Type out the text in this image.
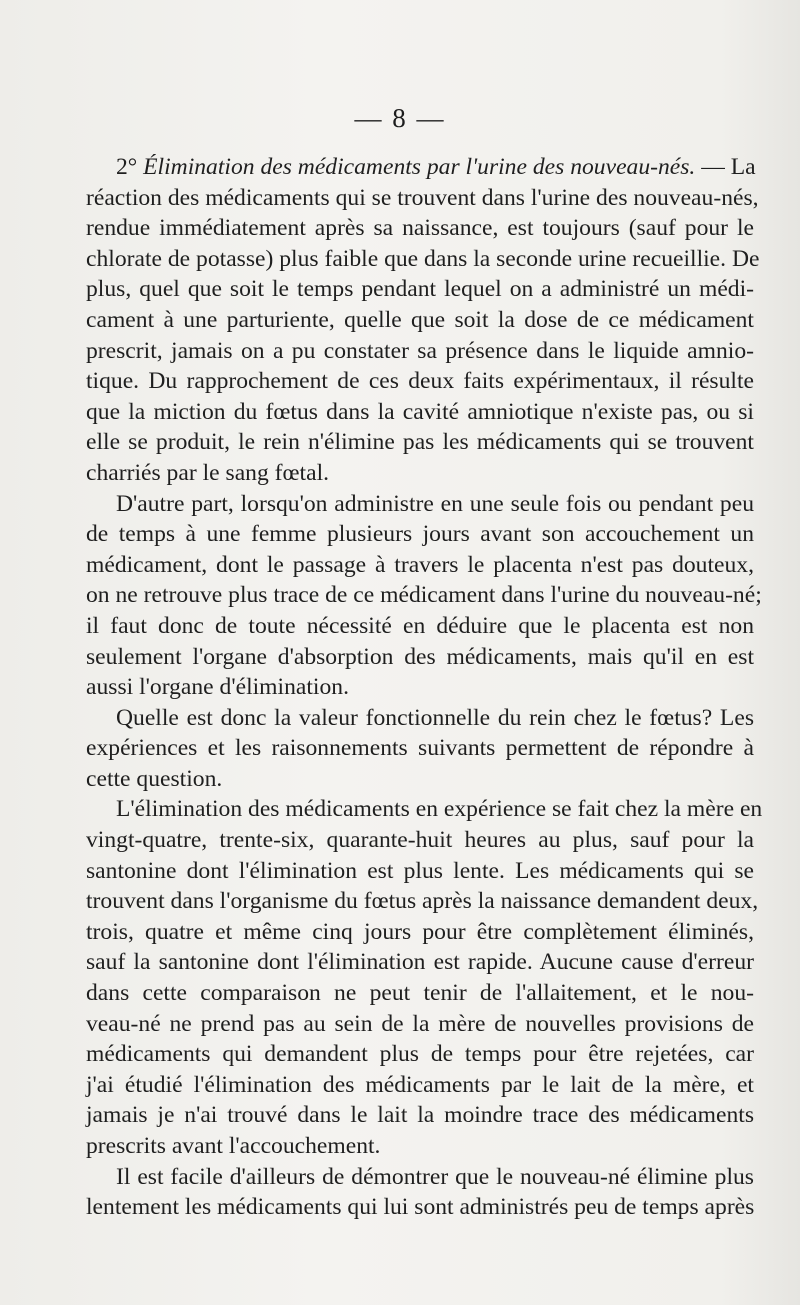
— 8 —
2° Élimination des médicaments par l'urine des nouveau-nés. — La
réaction des médicaments qui se trouvent dans l'urine des nouveau-nés,
rendue immédiatement après sa naissance, est toujours (sauf pour le
chlorate de potasse) plus faible que dans la seconde urine recueillie. De
plus, quel que soit le temps pendant lequel on a administré un médi-
cament à une parturiente, quelle que soit la dose de ce médicament
prescrit, jamais on a pu constater sa présence dans le liquide amnio-
tique. Du rapprochement de ces deux faits expérimentaux, il résulte
que la miction du fœtus dans la cavité amniotique n'existe pas, ou si
elle se produit, le rein n'élimine pas les médicaments qui se trouvent
charriés par le sang fœtal.
D'autre part, lorsqu'on administre en une seule fois ou pendant peu
de temps à une femme plusieurs jours avant son accouchement un
médicament, dont le passage à travers le placenta n'est pas douteux,
on ne retrouve plus trace de ce médicament dans l'urine du nouveau-né;
il faut donc de toute nécessité en déduire que le placenta est non
seulement l'organe d'absorption des médicaments, mais qu'il en est
aussi l'organe d'élimination.
Quelle est donc la valeur fonctionnelle du rein chez le fœtus? Les
expériences et les raisonnements suivants permettent de répondre à
cette question.
L'élimination des médicaments en expérience se fait chez la mère en
vingt-quatre, trente-six, quarante-huit heures au plus, sauf pour la
santonine dont l'élimination est plus lente. Les médicaments qui se
trouvent dans l'organisme du fœtus après la naissance demandent deux,
trois, quatre et même cinq jours pour être complètement éliminés,
sauf la santonine dont l'élimination est rapide. Aucune cause d'erreur
dans cette comparaison ne peut tenir de l'allaitement, et le nou-
veau-né ne prend pas au sein de la mère de nouvelles provisions de
médicaments qui demandent plus de temps pour être rejetées, car
j'ai étudié l'élimination des médicaments par le lait de la mère, et
jamais je n'ai trouvé dans le lait la moindre trace des médicaments
prescrits avant l'accouchement.
Il est facile d'ailleurs de démontrer que le nouveau-né élimine plus
lentement les médicaments qui lui sont administrés peu de temps après
